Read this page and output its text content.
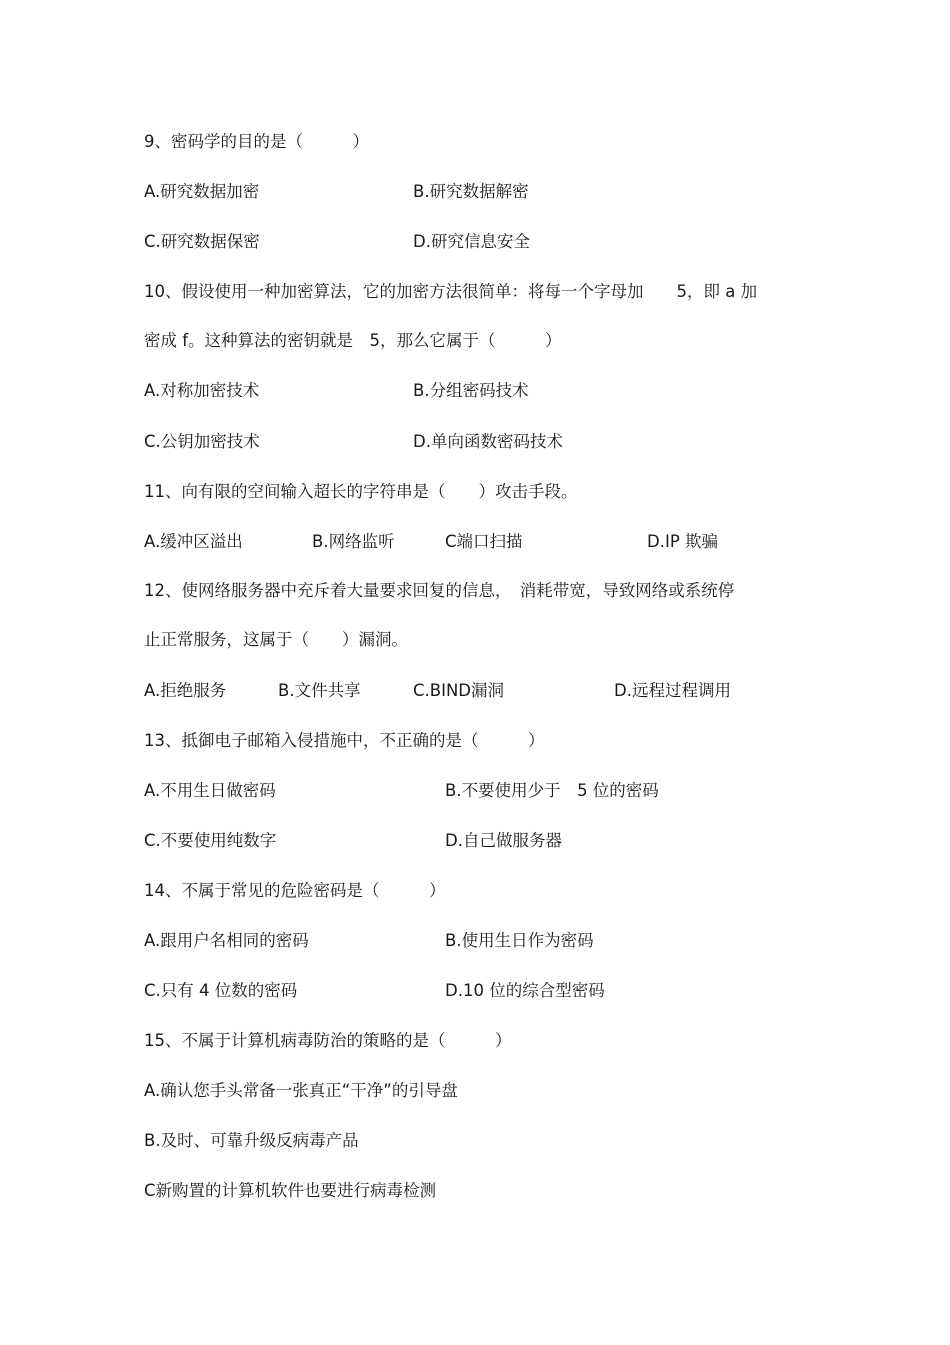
9、密码学的目的是（　　　）
A.研究数据加密	B.研究数据解密
C.研究数据保密	D.研究信息安全
10、假设使用一种加密算法，它的加密方法很简单：将每一个字母加　　5，即 a 加
密成 f。这种算法的密钥就是　5，那么它属于（　　　）
A.对称加密技术	B.分组密码技术
C.公钥加密技术	D.单向函数密码技术
11、向有限的空间输入超长的字符串是（　　）攻击手段。
A.缓冲区溢出	B.网络监听	C端口扫描	D.IP 欺骗
12、使网络服务器中充斥着大量要求回复的信息，　消耗带宽，导致网络或系统停
止正常服务，这属于（　　）漏洞。
A.拒绝服务	B.文件共享	C.BIND漏洞	D.远程过程调用
13、抵御电子邮箱入侵措施中，不正确的是（　　　）
A.不用生日做密码	B.不要使用少于　5 位的密码
C.不要使用纯数字	D.自己做服务器
14、不属于常见的危险密码是（　　　）
A.跟用户名相同的密码	B.使用生日作为密码
C.只有 4 位数的密码	D.10 位的综合型密码
15、不属于计算机病毒防治的策略的是（　　　）
A.确认您手头常备一张真正“干净”的引导盘
B.及时、可靠升级反病毒产品
C新购置的计算机软件也要进行病毒检测
